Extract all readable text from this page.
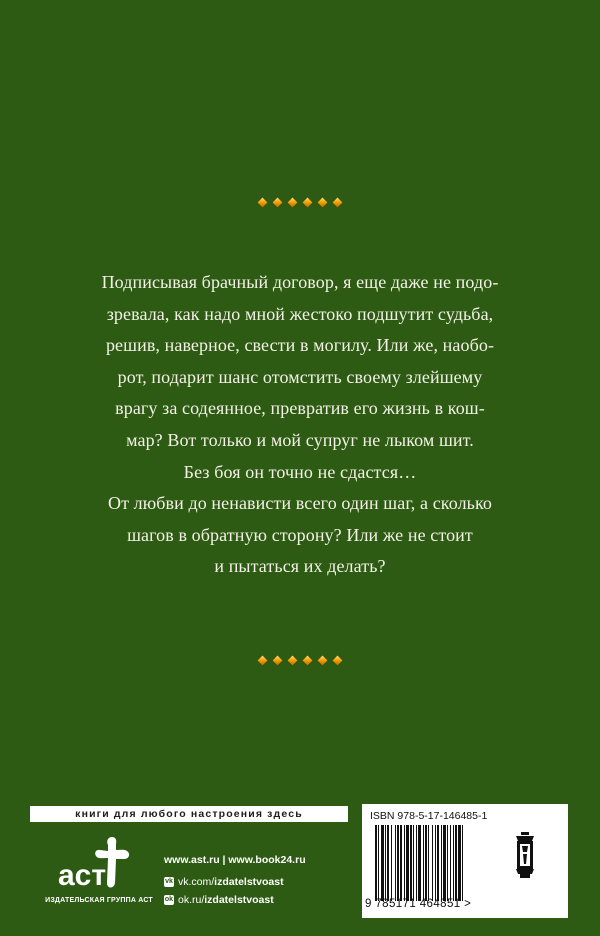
Подписывая брачный договор, я еще даже не подо-
зревала, как надо мной жестоко подшутит судьба,
решив, наверное, свести в могилу. Или же, наобо-
рот, подарит шанс отомстить своему злейшему
врагу за содеянное, превратив его жизнь в кош-
мар? Вот только и мой супруг не лыком шит.
Без боя он точно не сдастся…
От любви до ненависти всего один шаг, а сколько
шагов в обратную сторону? Или же не стоит
и пытаться их делать?
книги для любого настроения здесь
аст
ИЗДАТЕЛЬСКАЯ ГРУППА АСТ
www.ast.ru | www.book24.ru
vk vk.com/ izdatelstvoast
ok ok.ru/ izdatelstvoast
ISBN 978-5-17-146485-1
9 785171 464851 >
